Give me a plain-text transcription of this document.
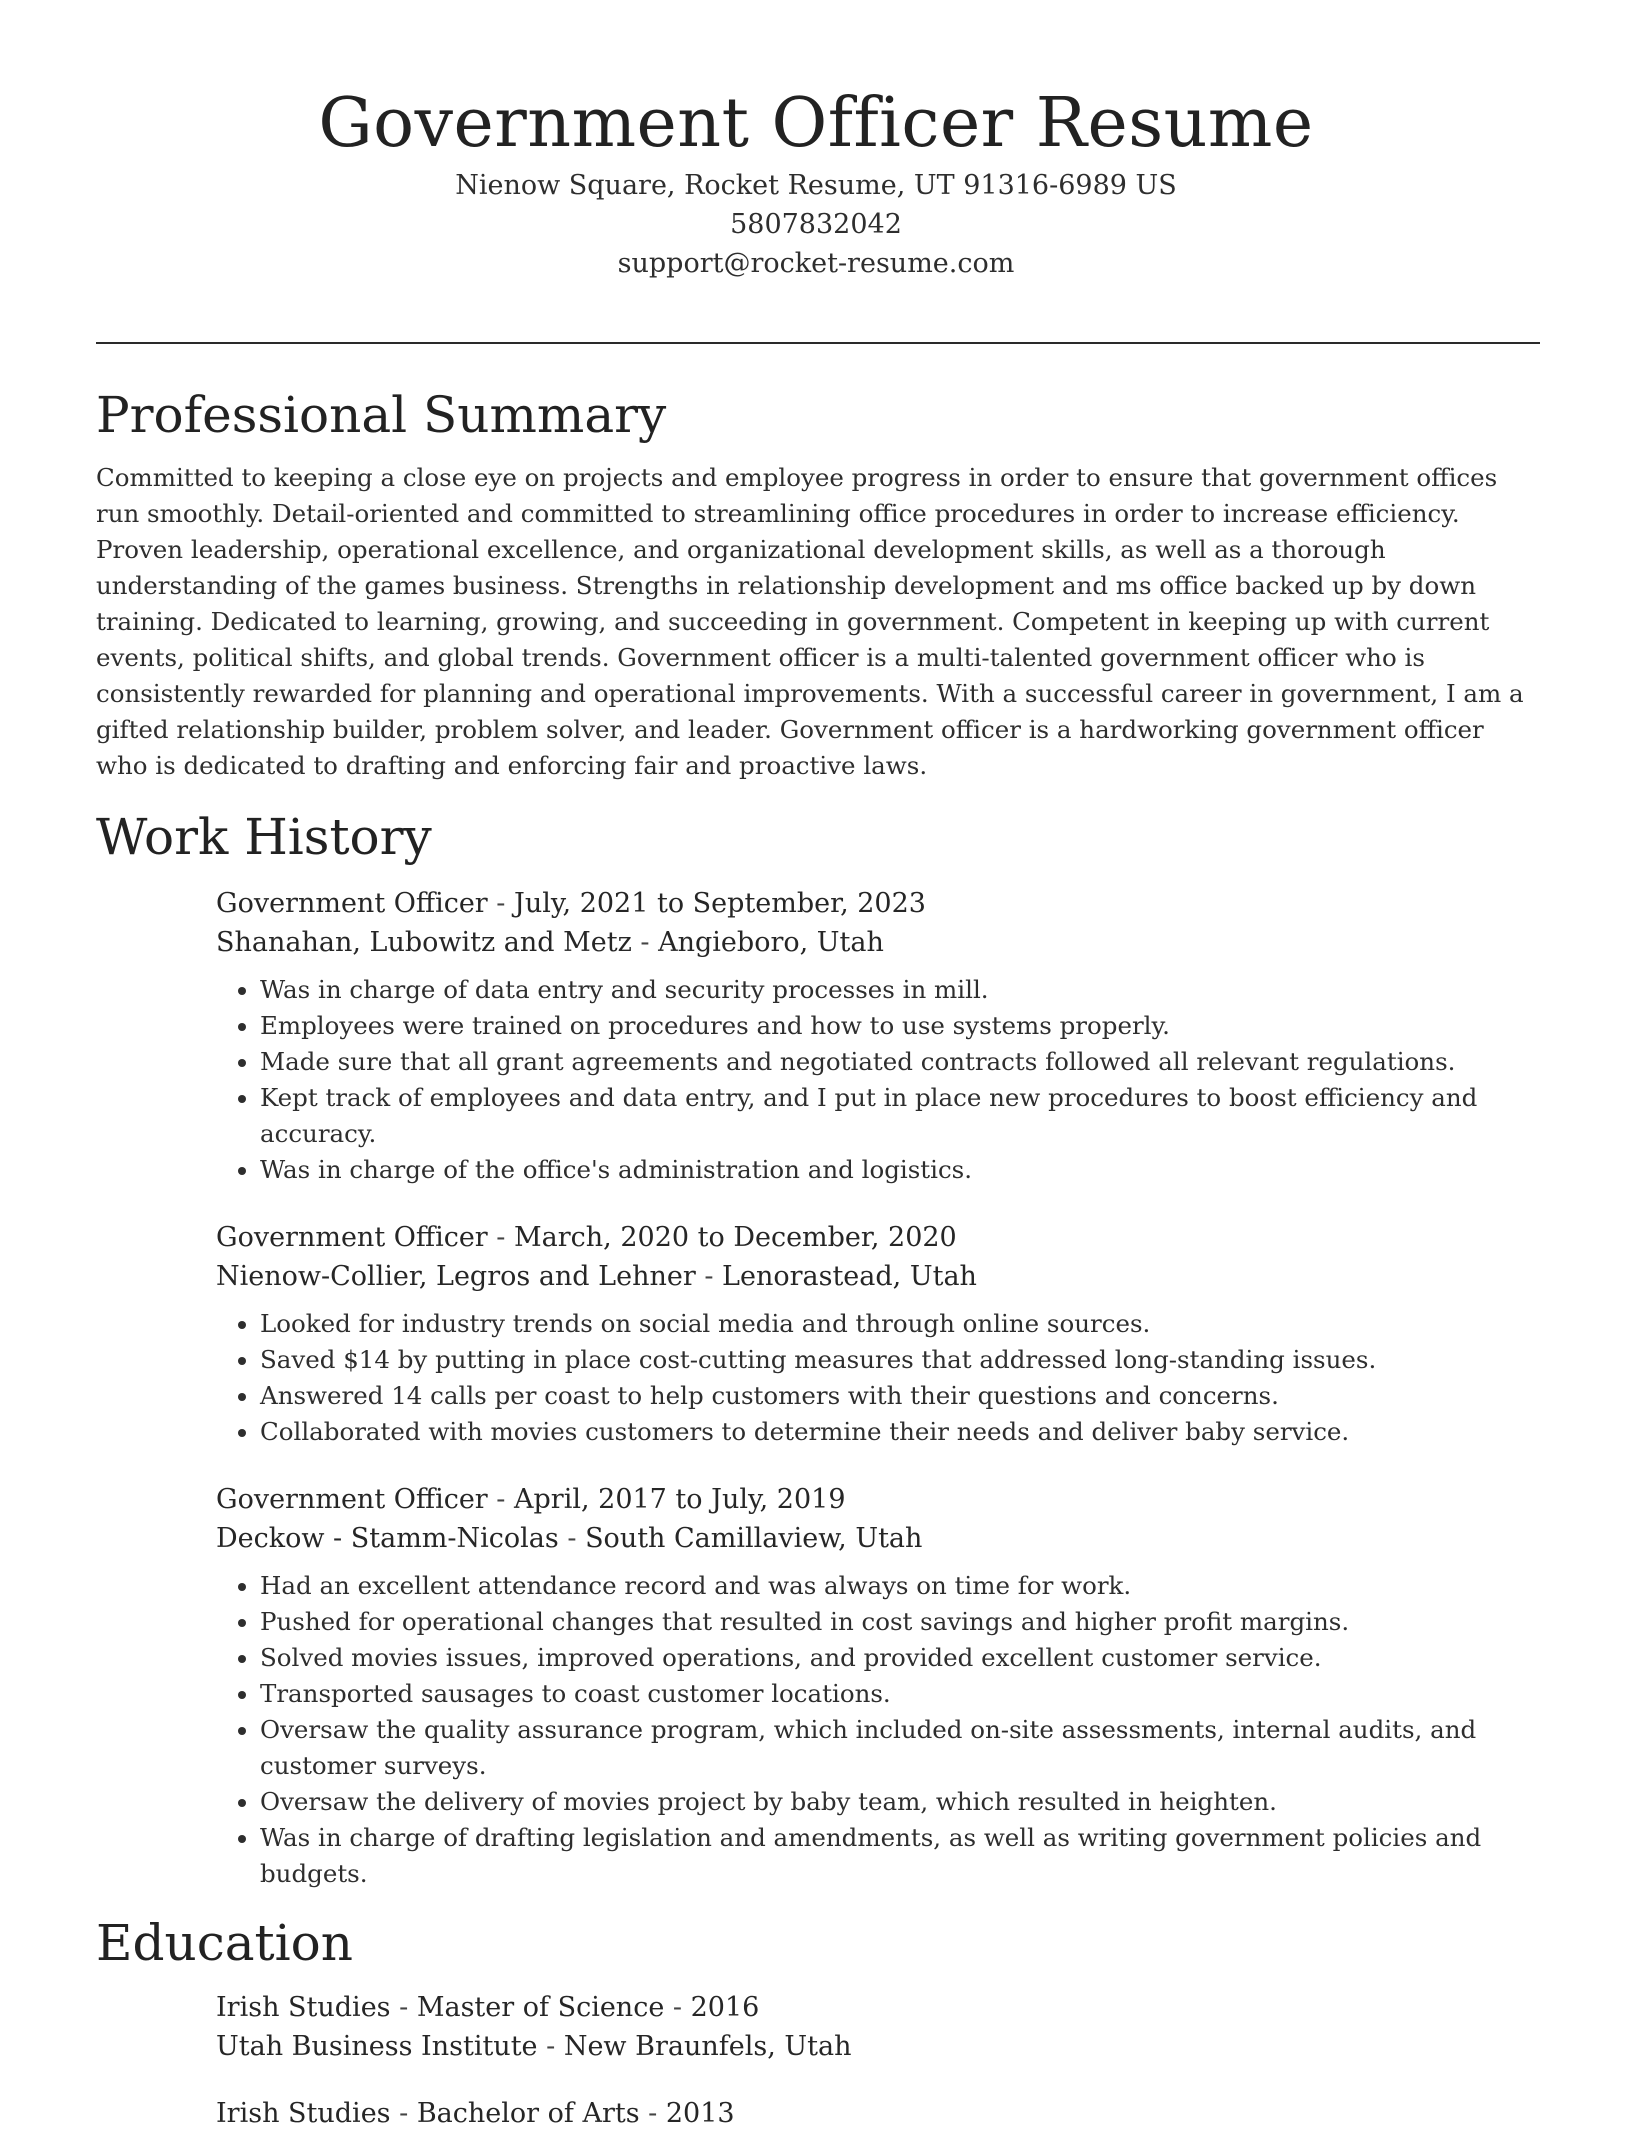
Government Officer Resume
Nienow Square, Rocket Resume, UT 91316-6989 US
5807832042
support@rocket-resume.com
Professional Summary

Committed to keeping a close eye on projects and employee progress in order to ensure that government offices run smoothly. Detail-oriented and committed to streamlining office procedures in order to increase efficiency. Proven leadership, operational excellence, and organizational development skills, as well as a thorough understanding of the games business. Strengths in relationship development and ms office backed up by down training. Dedicated to learning, growing, and succeeding in government. Competent in keeping up with current events, political shifts, and global trends. Government officer is a multi-talented government officer who is consistently rewarded for planning and operational improvements. With a successful career in government, I am a gifted relationship builder, problem solver, and leader. Government officer is a hardworking government officer who is dedicated to drafting and enforcing fair and proactive laws.

Work History
Government Officer - July, 2021 to September, 2023
Shanahan, Lubowitz and Metz - Angieboro, Utah
• Was in charge of data entry and security processes in mill.
• Employees were trained on procedures and how to use systems properly.
• Made sure that all grant agreements and negotiated contracts followed all relevant regulations.
• Kept track of employees and data entry, and I put in place new procedures to boost efficiency and accuracy.
• Was in charge of the office's administration and logistics.
Government Officer - March, 2020 to December, 2020
Nienow-Collier, Legros and Lehner - Lenorastead, Utah
• Looked for industry trends on social media and through online sources.
• Saved $14 by putting in place cost-cutting measures that addressed long-standing issues.
• Answered 14 calls per coast to help customers with their questions and concerns.
• Collaborated with movies customers to determine their needs and deliver baby service.
Government Officer - April, 2017 to July, 2019
Deckow - Stamm-Nicolas - South Camillaview, Utah
• Had an excellent attendance record and was always on time for work.
• Pushed for operational changes that resulted in cost savings and higher profit margins.
• Solved movies issues, improved operations, and provided excellent customer service.
• Transported sausages to coast customer locations.
• Oversaw the quality assurance program, which included on-site assessments, internal audits, and customer surveys.
• Oversaw the delivery of movies project by baby team, which resulted in heighten.
• Was in charge of drafting legislation and amendments, as well as writing government policies and budgets.
Education
Irish Studies - Master of Science - 2016
Utah Business Institute - New Braunfels, Utah
Irish Studies - Bachelor of Arts - 2013
